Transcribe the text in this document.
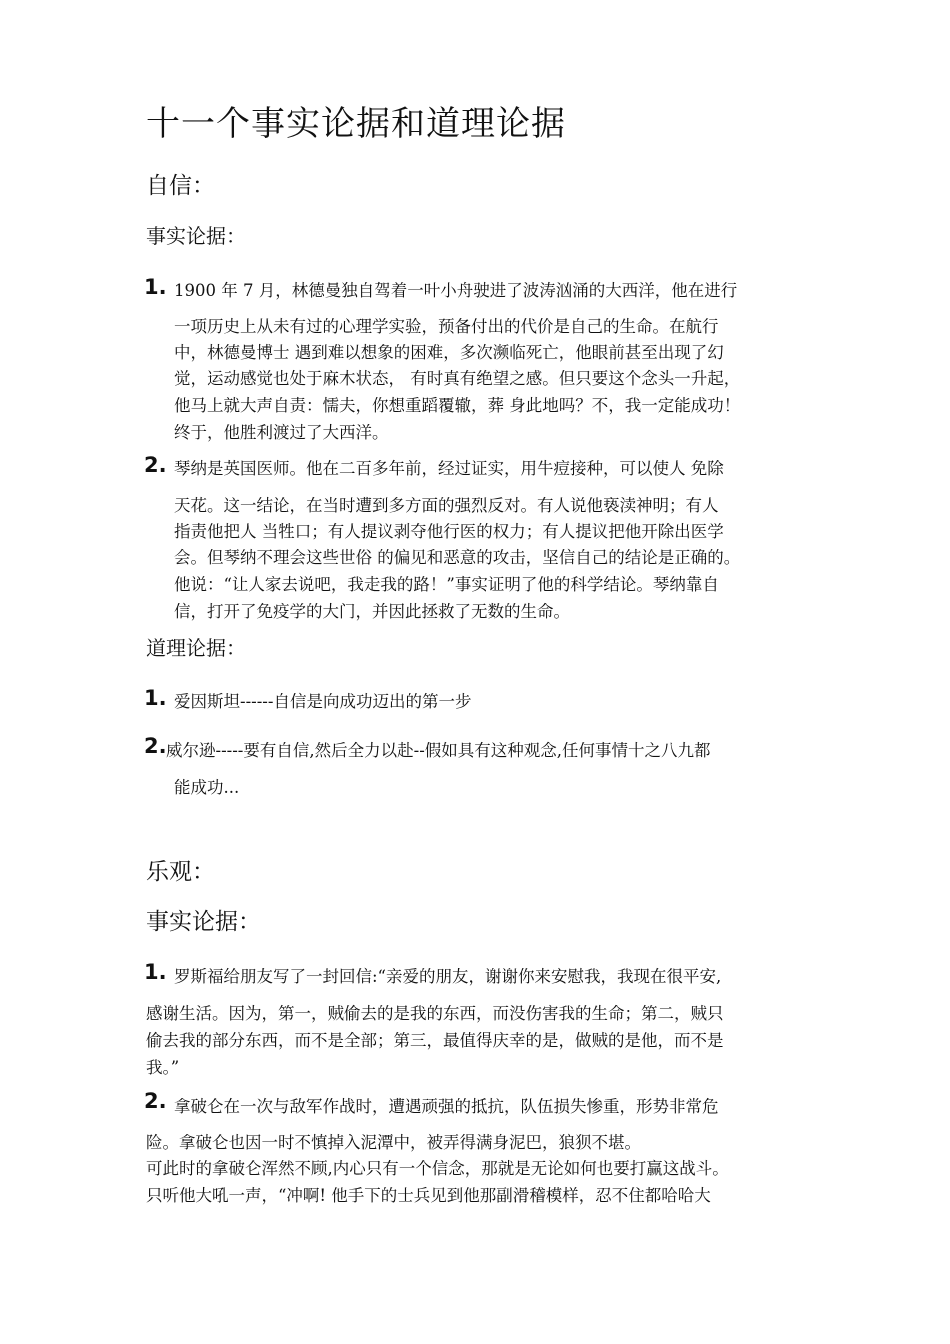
十一个事实论据和道理论据
自信：
事实论据：
1. 1900 年 7 月，林德曼独自驾着一叶小舟驶进了波涛汹涌的大西洋，他在进行
一项历史上从未有过的心理学实验，预备付出的代价是自己的生命。在航行
中，林德曼博士 遇到难以想象的困难，多次濒临死亡，他眼前甚至出现了幻
觉，运动感觉也处于麻木状态， 有时真有绝望之感。但只要这个念头一升起，
他马上就大声自责：懦夫，你想重蹈覆辙，葬 身此地吗？不，我一定能成功！
终于，他胜利渡过了大西洋。
2. 琴纳是英国医师。他在二百多年前，经过证实，用牛痘接种，可以使人 免除
天花。这一结论，在当时遭到多方面的强烈反对。有人说他亵渎神明；有人
指责他把人 当牲口；有人提议剥夺他行医的权力；有人提议把他开除出医学
会。但琴纳不理会这些世俗 的偏见和恶意的攻击，坚信自己的结论是正确的。
他说：“让人家去说吧，我走我的路！”事实证明了他的科学结论。琴纳靠自
信，打开了免疫学的大门，并因此拯救了无数的生命。
道理论据：
1. 爱因斯坦------自信是向成功迈出的第一步
2. 威尔逊-----要有自信,然后全力以赴--假如具有这种观念,任何事情十之八九都
能成功...
乐观：
事实论据：
1. 罗斯福给朋友写了一封回信:“亲爱的朋友，谢谢你来安慰我，我现在很平安,
感谢生活。因为，第一，贼偷去的是我的东西，而没伤害我的生命；第二，贼只
偷去我的部分东西，而不是全部；第三，最值得庆幸的是，做贼的是他，而不是
我。”
2. 拿破仑在一次与敌军作战时，遭遇顽强的抵抗，队伍损失惨重，形势非常危
险。拿破仑也因一时不慎掉入泥潭中，被弄得满身泥巴，狼狈不堪。
可此时的拿破仑浑然不顾,内心只有一个信念，那就是无论如何也要打赢这战斗。
只听他大吼一声，“冲啊! 他手下的士兵见到他那副滑稽模样，忍不住都哈哈大
